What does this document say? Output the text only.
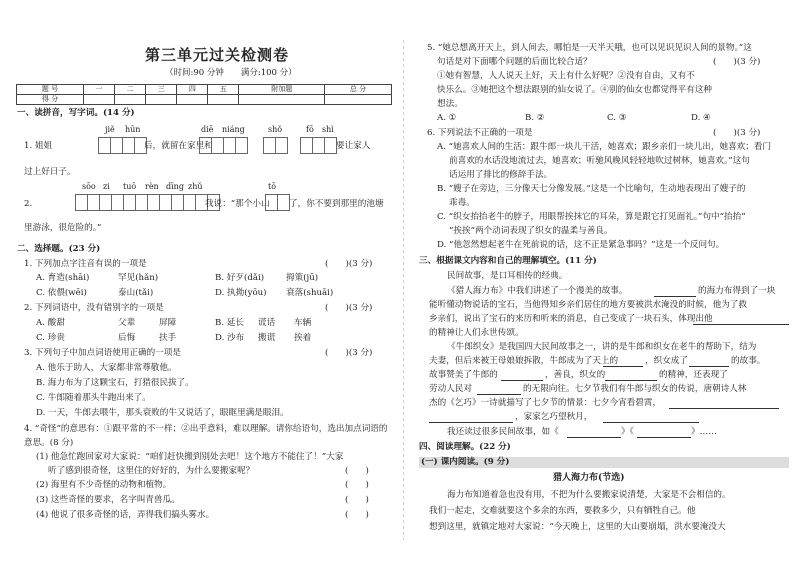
第三单元过关检测卷
（时间:90 分钟　　满分:100 分）
题 号	一	二	三	四	五	附加题	总 分
得 分							
一、读拼音，写字词。(14 分)
jiě hūn	diē niáng	shǒ	fō shì
1. 姐姐	后，就留在家里和	要让家人
过上好日子。
sōo zi tuō rèn dīng zhǔ	tō
2.	我说：“那个小山 了，你不要到那里的池塘
里游泳，很危险的。”
二、选择题。(23 分)
1. 下列加点字注音有误的一项是	(　　)(3 分)
A. 育造(shāi)	罕见(hǎn)	B. 好歹(dǎi)	拇策(jū)
C. 依偎(wēi)	泰山(tǎi)	D. 执拗(yōu) 衰落(shuāi)
2. 下列词语中，没有错别字的一项是	(　　)(3 分)
A. 酸甜	父辈	屏障	B. 延长 谎话 车辆
C. 珍贵	后悔	扶手	D. 沙布 搬谎 挨着
3. 下列句子中加点词语使用正确的一项是	(　　)(3 分)
A. 他乐于助人，大家都非常尊敬他。
B. 海力布为了这颗宝石，打猎很民拔了。
C. 牛郎随着那头牛跑出来了。
D. 一天，牛郎去喂牛，那头衰败的牛又说话了，眼眶里满是眼泪。
4. “奇怪”的意思有：①跟平常的不一样；②出乎意料，难以理解。请你给语句，选出加点词语的意思。(8 分)
(1) 他急忙跑回家对大家说：“咱们赶快搬到别处去吧！这个地方不能住了！”大家
听了感到很奇怪，这里住的好好的，为什么要搬家呢？	(　　)
(2) 海里有不少奇怪的动物和植物。	(　　)
(3) 这些奇怪的要求，名字叫青兽瓜。	(　　)
(4) 他说了很多奇怪的话，弄得我们搞头雾水。	(　　)
5. “她总想离开天上，到人间去，哪怕是一天半天哦，也可以见识见识人间的景物。”这
句话是对下面哪个问题的后面比较合适？	(　　)(3 分)
①她有智慧，人人说天上好，天上有什么好呢？②没有自由，又有不
快乐么。③她把这个想法跟别的仙女说了。④别的仙女也都觉得平有这种
想法。
A. ①	B. ②	C. ③	D. ④
6. 下列说法不正确的一项是	(　　)(3 分)
A. “她喜欢人间的生活：跟牛郎一块儿干活，她喜欢；跟乡亲们一块儿出，她喜欢；看门
前喜欢的水话没地流过去，她喜欢；听驰风晚风轻轻地吹过树林，她喜欢。”这句
话运用了排比的修辞手法。
B. “嫂子在旁边，三分像天七分像发展。”这是一个比喻句，生动地表现出了嫂子的
乖毒。
C. “织女抬抬老牛的脖子，用眼帮挨抹它的耳朵，算是跟它打见面礼。”句中“抬抬”
“挨挨”两个动词表现了织女的温柔与善良。
D. “他忽然想起老牛在死前说的话，这不正是紧急事吗？”这是一个反问句。
三、根据课文内容和自己的理解填空。(11 分)
民间故事，是口耳相传的经典。
《猎人海力布》中我们讲述了一个漫美的故事。	的海力布得到了一块
能听懂动物说话的宝石，当他得知乡亲们居住的地方要被洪水淹没的时候，他为了救
乡亲们，说出了宝石的来历和听来的消息，自己变成了一块石头，体现出他
的精神让人们永世传颂。
《牛郎织女》是我国四大民间故事之一，讲的是牛郎和织女在老牛的帮助下，结为
夫妻，但后来被王母娘娘拆散，牛郎成为了天上的	，织女成了	的故事。
故事赞美了牛郎的	，善良，织女的	的精神，还表现了
劳动人民对	的无限向往。七夕节我们有牛郎与织女的传说，唐朝诗人林
杰的《乞巧》一诗就描写了七夕节的情景：七夕今宵看碧霄，
，家家乞巧望秋月，
我还读过很多民间故事，如《	》《	》……
四、阅读理解。(22 分)
(一) 课内阅读。(9 分)
猎人海力布(节选)
海力布知道着急也没有用，不把为什么要搬家说清楚，大家是不会相信的。
我们一起走，交难就要这个多余的东西，要救多少，只有牺牲自己。他
想到这里，就镇定地对大家说：“今天晚上，这里的大山要崩塌，洪水要淹没大
